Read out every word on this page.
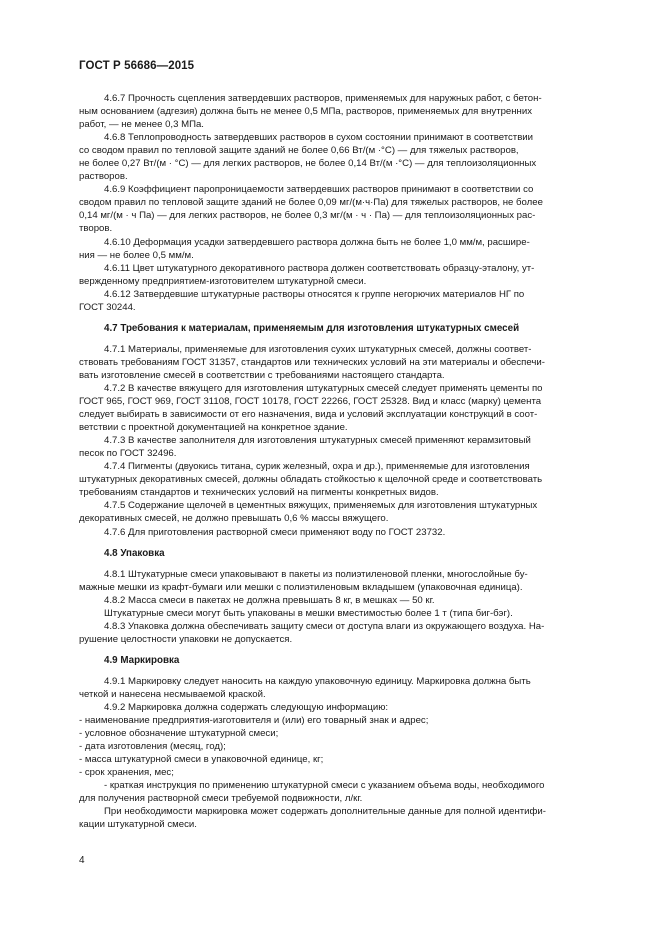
ГОСТ Р 56686—2015
4.6.7 Прочность сцепления затвердевших растворов, применяемых для наружных работ, с бетон-
ным основанием (адгезия) должна быть не менее 0,5 МПа, растворов, применяемых для внутренних
работ, — не менее 0,3 МПа.
4.6.8 Теплопроводность затвердевших растворов в сухом состоянии принимают в соответствии
со сводом правил по тепловой защите зданий не более 0,66 Вт/(м ·°С) — для тяжелых растворов,
не более 0,27 Вт/(м · °С) — для легких растворов, не более 0,14 Вт/(м ·°С) — для теплоизоляционных
растворов.
4.6.9 Коэффициент паропроницаемости затвердевших растворов принимают в соответствии со
сводом правил по тепловой защите зданий не более 0,09 мг/(м·ч·Па) для тяжелых растворов, не более
0,14 мг/(м · ч Па) — для легких растворов, не более 0,3 мг/(м · ч · Па) — для теплоизоляционных рас-
творов.
4.6.10 Деформация усадки затвердевшего раствора должна быть не более 1,0 мм/м, расшире-
ния — не более 0,5 мм/м.
4.6.11 Цвет штукатурного декоративного раствора должен соответствовать образцу-эталону, ут-
вержденному предприятием-изготовителем штукатурной смеси.
4.6.12 Затвердевшие штукатурные растворы относятся к группе негорючих материалов НГ по
ГОСТ 30244.
4.7 Требования к материалам, применяемым для изготовления штукатурных смесей
4.7.1 Материалы, применяемые для изготовления сухих штукатурных смесей, должны соответ-
ствовать требованиям ГОСТ 31357, стандартов или технических условий на эти материалы и обеспечи-
вать изготовление смесей в соответствии с требованиями настоящего стандарта.
4.7.2 В качестве вяжущего для изготовления штукатурных смесей следует применять цементы по
ГОСТ 965, ГОСТ 969, ГОСТ 31108, ГОСТ 10178, ГОСТ 22266, ГОСТ 25328. Вид и класс (марку) цемента
следует выбирать в зависимости от его назначения, вида и условий эксплуатации конструкций в соот-
ветствии с проектной документацией на конкретное здание.
4.7.3 В качестве заполнителя для изготовления штукатурных смесей применяют керамзитовый
песок по ГОСТ 32496.
4.7.4 Пигменты (двуокись титана, сурик железный, охра и др.), применяемые для изготовления
штукатурных декоративных смесей, должны обладать стойкостью к щелочной среде и соответствовать
требованиям стандартов и технических условий на пигменты конкретных видов.
4.7.5 Содержание щелочей в цементных вяжущих, применяемых для изготовления штукатурных
декоративных смесей, не должно превышать 0,6 % массы вяжущего.
4.7.6 Для приготовления растворной смеси применяют воду по ГОСТ 23732.
4.8 Упаковка
4.8.1 Штукатурные смеси упаковывают в пакеты из полиэтиленовой пленки, многослойные бу-
мажные мешки из крафт-бумаги или мешки с полиэтиленовым вкладышем (упаковочная единица).
4.8.2 Масса смеси в пакетах не должна превышать 8 кг, в мешках — 50 кг.
Штукатурные смеси могут быть упакованы в мешки вместимостью более 1 т (типа биг-бэг).
4.8.3 Упаковка должна обеспечивать защиту смеси от доступа влаги из окружающего воздуха. На-
рушение целостности упаковки не допускается.
4.9 Маркировка
4.9.1 Маркировку следует наносить на каждую упаковочную единицу. Маркировка должна быть
четкой и нанесена несмываемой краской.
4.9.2 Маркировка должна содержать следующую информацию:
- наименование предприятия-изготовителя и (или) его товарный знак и адрес;
- условное обозначение штукатурной смеси;
- дата изготовления (месяц, год);
- масса штукатурной смеси в упаковочной единице, кг;
- срок хранения, мес;
- краткая инструкция по применению штукатурной смеси с указанием объема воды, необходимого
для получения растворной смеси требуемой подвижности, л/кг.
При необходимости маркировка может содержать дополнительные данные для полной идентифи-
кации штукатурной смеси.
4
